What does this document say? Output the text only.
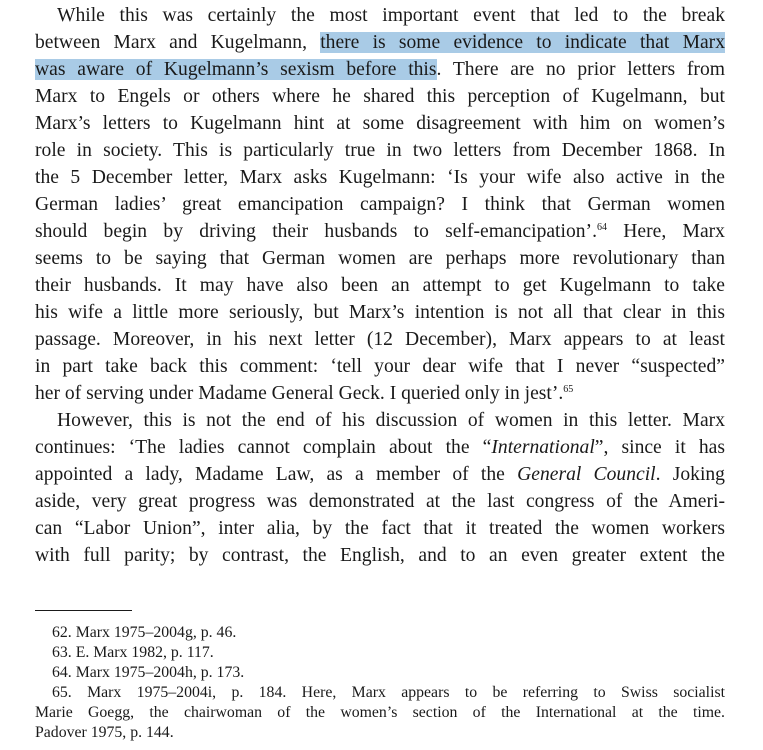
While this was certainly the most important event that led to the break
between Marx and Kugelmann, there is some evidence to indicate that Marx
was aware of Kugelmann’s sexism before this. There are no prior letters from
Marx to Engels or others where he shared this perception of Kugelmann, but
Marx’s letters to Kugelmann hint at some disagreement with him on women’s
role in society. This is particularly true in two letters from December 1868. In
the 5 December letter, Marx asks Kugelmann: ‘Is your wife also active in the
German ladies’ great emancipation campaign? I think that German women
should begin by driving their husbands to self-emancipation’.$^{64}$ Here, Marx
seems to be saying that German women are perhaps more revolutionary than
their husbands. It may have also been an attempt to get Kugelmann to take
his wife a little more seriously, but Marx’s intention is not all that clear in this
passage. Moreover, in his next letter (12 December), Marx appears to at least
in part take back this comment: ‘tell your dear wife that I never “suspected”
her of serving under Madame General Geck. I queried only in jest’.$^{65}$
However, this is not the end of his discussion of women in this letter. Marx
continues: ‘The ladies cannot complain about the “International”, since it has
appointed a lady, Madame Law, as a member of the General Council. Joking
aside, very great progress was demonstrated at the last congress of the Ameri-
can “Labor Union”, inter alia, by the fact that it treated the women workers
with full parity; by contrast, the English, and to an even greater extent the
62. Marx 1975–2004g, p. 46.
63. E. Marx 1982, p. 117.
64. Marx 1975–2004h, p. 173.
65. Marx 1975–2004i, p. 184. Here, Marx appears to be referring to Swiss socialist
Marie Goegg, the chairwoman of the women’s section of the International at the time.
Padover 1975, p. 144.
